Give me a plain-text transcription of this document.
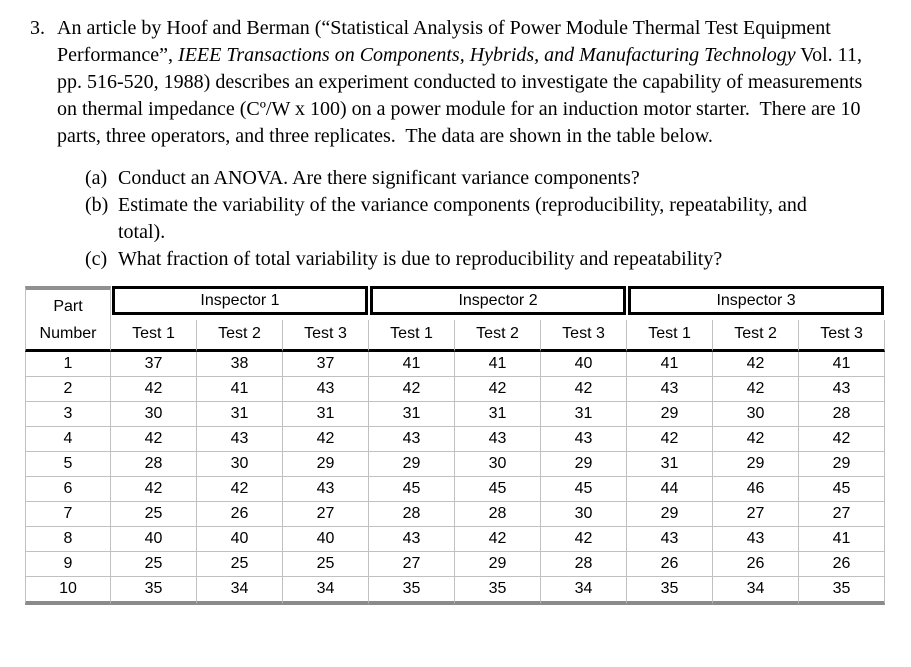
3. An article by Hoof and Berman (“Statistical Analysis of Power Module Thermal Test Equipment Performance”, IEEE Transactions on Components, Hybrids, and Manufacturing Technology Vol. 11, pp. 516-520, 1988) describes an experiment conducted to investigate the capability of measurements on thermal impedance (Cº/W x 100) on a power module for an induction motor starter.  There are 10 parts, three operators, and three replicates.  The data are shown in the table below.
(a) Conduct an ANOVA. Are there significant variance components?
(b) Estimate the variability of the variance components (reproducibility, repeatability, and total).
(c) What fraction of total variability is due to reproducibility and repeatability?
Part
Number	Inspector 1			Inspector 2			Inspector 3		

	Test 1	Test 2	Test 3	Test 1	Test 2	Test 3	Test 1	Test 2	Test 3
1	37	38	37	41	41	40	41	42	41
2	42	41	43	42	42	42	43	42	43
3	30	31	31	31	31	31	29	30	28
4	42	43	42	43	43	43	42	42	42
5	28	30	29	29	30	29	31	29	29
6	42	42	43	45	45	45	44	46	45
7	25	26	27	28	28	30	29	27	27
8	40	40	40	43	42	42	43	43	41
9	25	25	25	27	29	28	26	26	26
10	35	34	34	35	35	34	35	34	35
